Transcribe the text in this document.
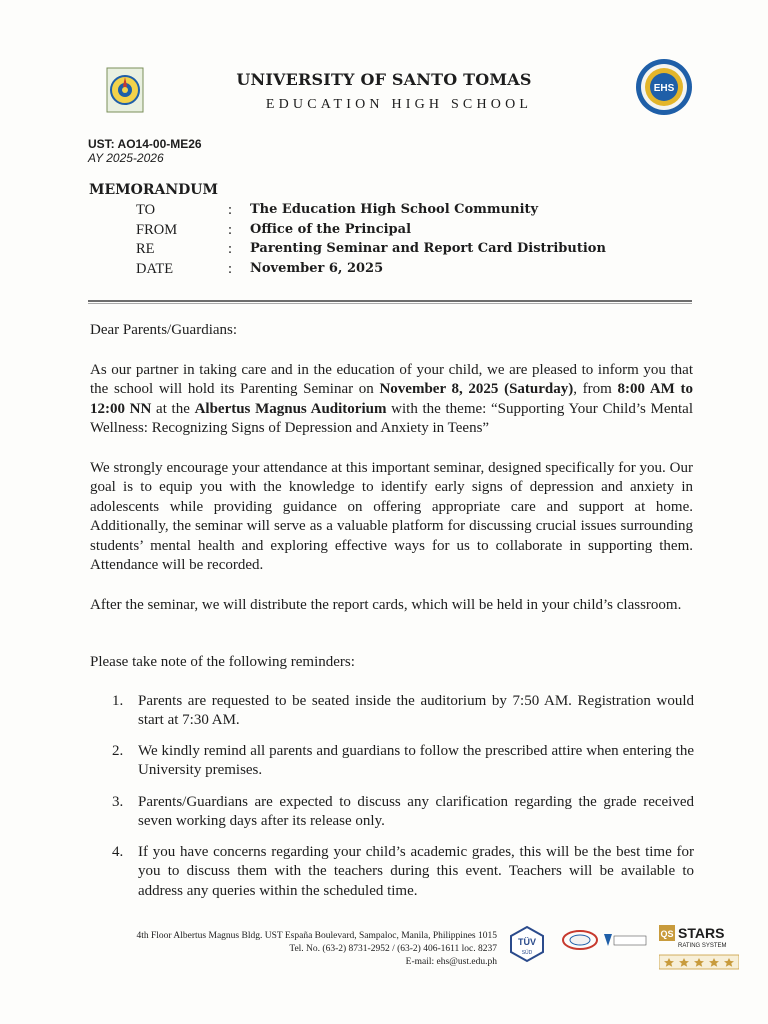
UNIVERSITY OF SANTO TOMAS
EDUCATION HIGH SCHOOL
EHS
UST: AO14-00-ME26
AY 2025-2026
MEMORANDUM
TO	:	The Education High School Community
FROM	:	Office of the Principal
RE	:	Parenting Seminar and Report Card Distribution
DATE	:	November 6, 2025
Dear Parents/Guardians:
As our partner in taking care and in the education of your child, we are pleased to inform you that the school will hold its Parenting Seminar on November 8, 2025 (Saturday), from 8:00 AM to 12:00 NN at the Albertus Magnus Auditorium with the theme: “Supporting Your Child’s Mental Wellness: Recognizing Signs of Depression and Anxiety in Teens”
We strongly encourage your attendance at this important seminar, designed specifically for you. Our goal is to equip you with the knowledge to identify early signs of depression and anxiety in adolescents while providing guidance on offering appropriate care and support at home. Additionally, the seminar will serve as a valuable platform for discussing crucial issues surrounding students’ mental health and exploring effective ways for us to collaborate in supporting them. Attendance will be recorded.
After the seminar, we will distribute the report cards, which will be held in your child’s classroom.
Please take note of the following reminders:
1. Parents are requested to be seated inside the auditorium by 7:50 AM. Registration would start at 7:30 AM.
2. We kindly remind all parents and guardians to follow the prescribed attire when entering the University premises.
3. Parents/Guardians are expected to discuss any clarification regarding the grade received seven working days after its release only.
4. If you have concerns regarding your child’s academic grades, this will be the best time for you to discuss them with the teachers during this event. Teachers will be available to address any queries within the scheduled time.
4th Floor Albertus Magnus Bldg. UST España Boulevard, Sampaloc, Manila, Philippines 1015
Tel. No. (63-2) 8731-2952 / (63-2) 406-1611 loc. 8237
E-mail: ehs@ust.edu.ph
TÜV
SÜD
QS STARS
RATING SYSTEM
